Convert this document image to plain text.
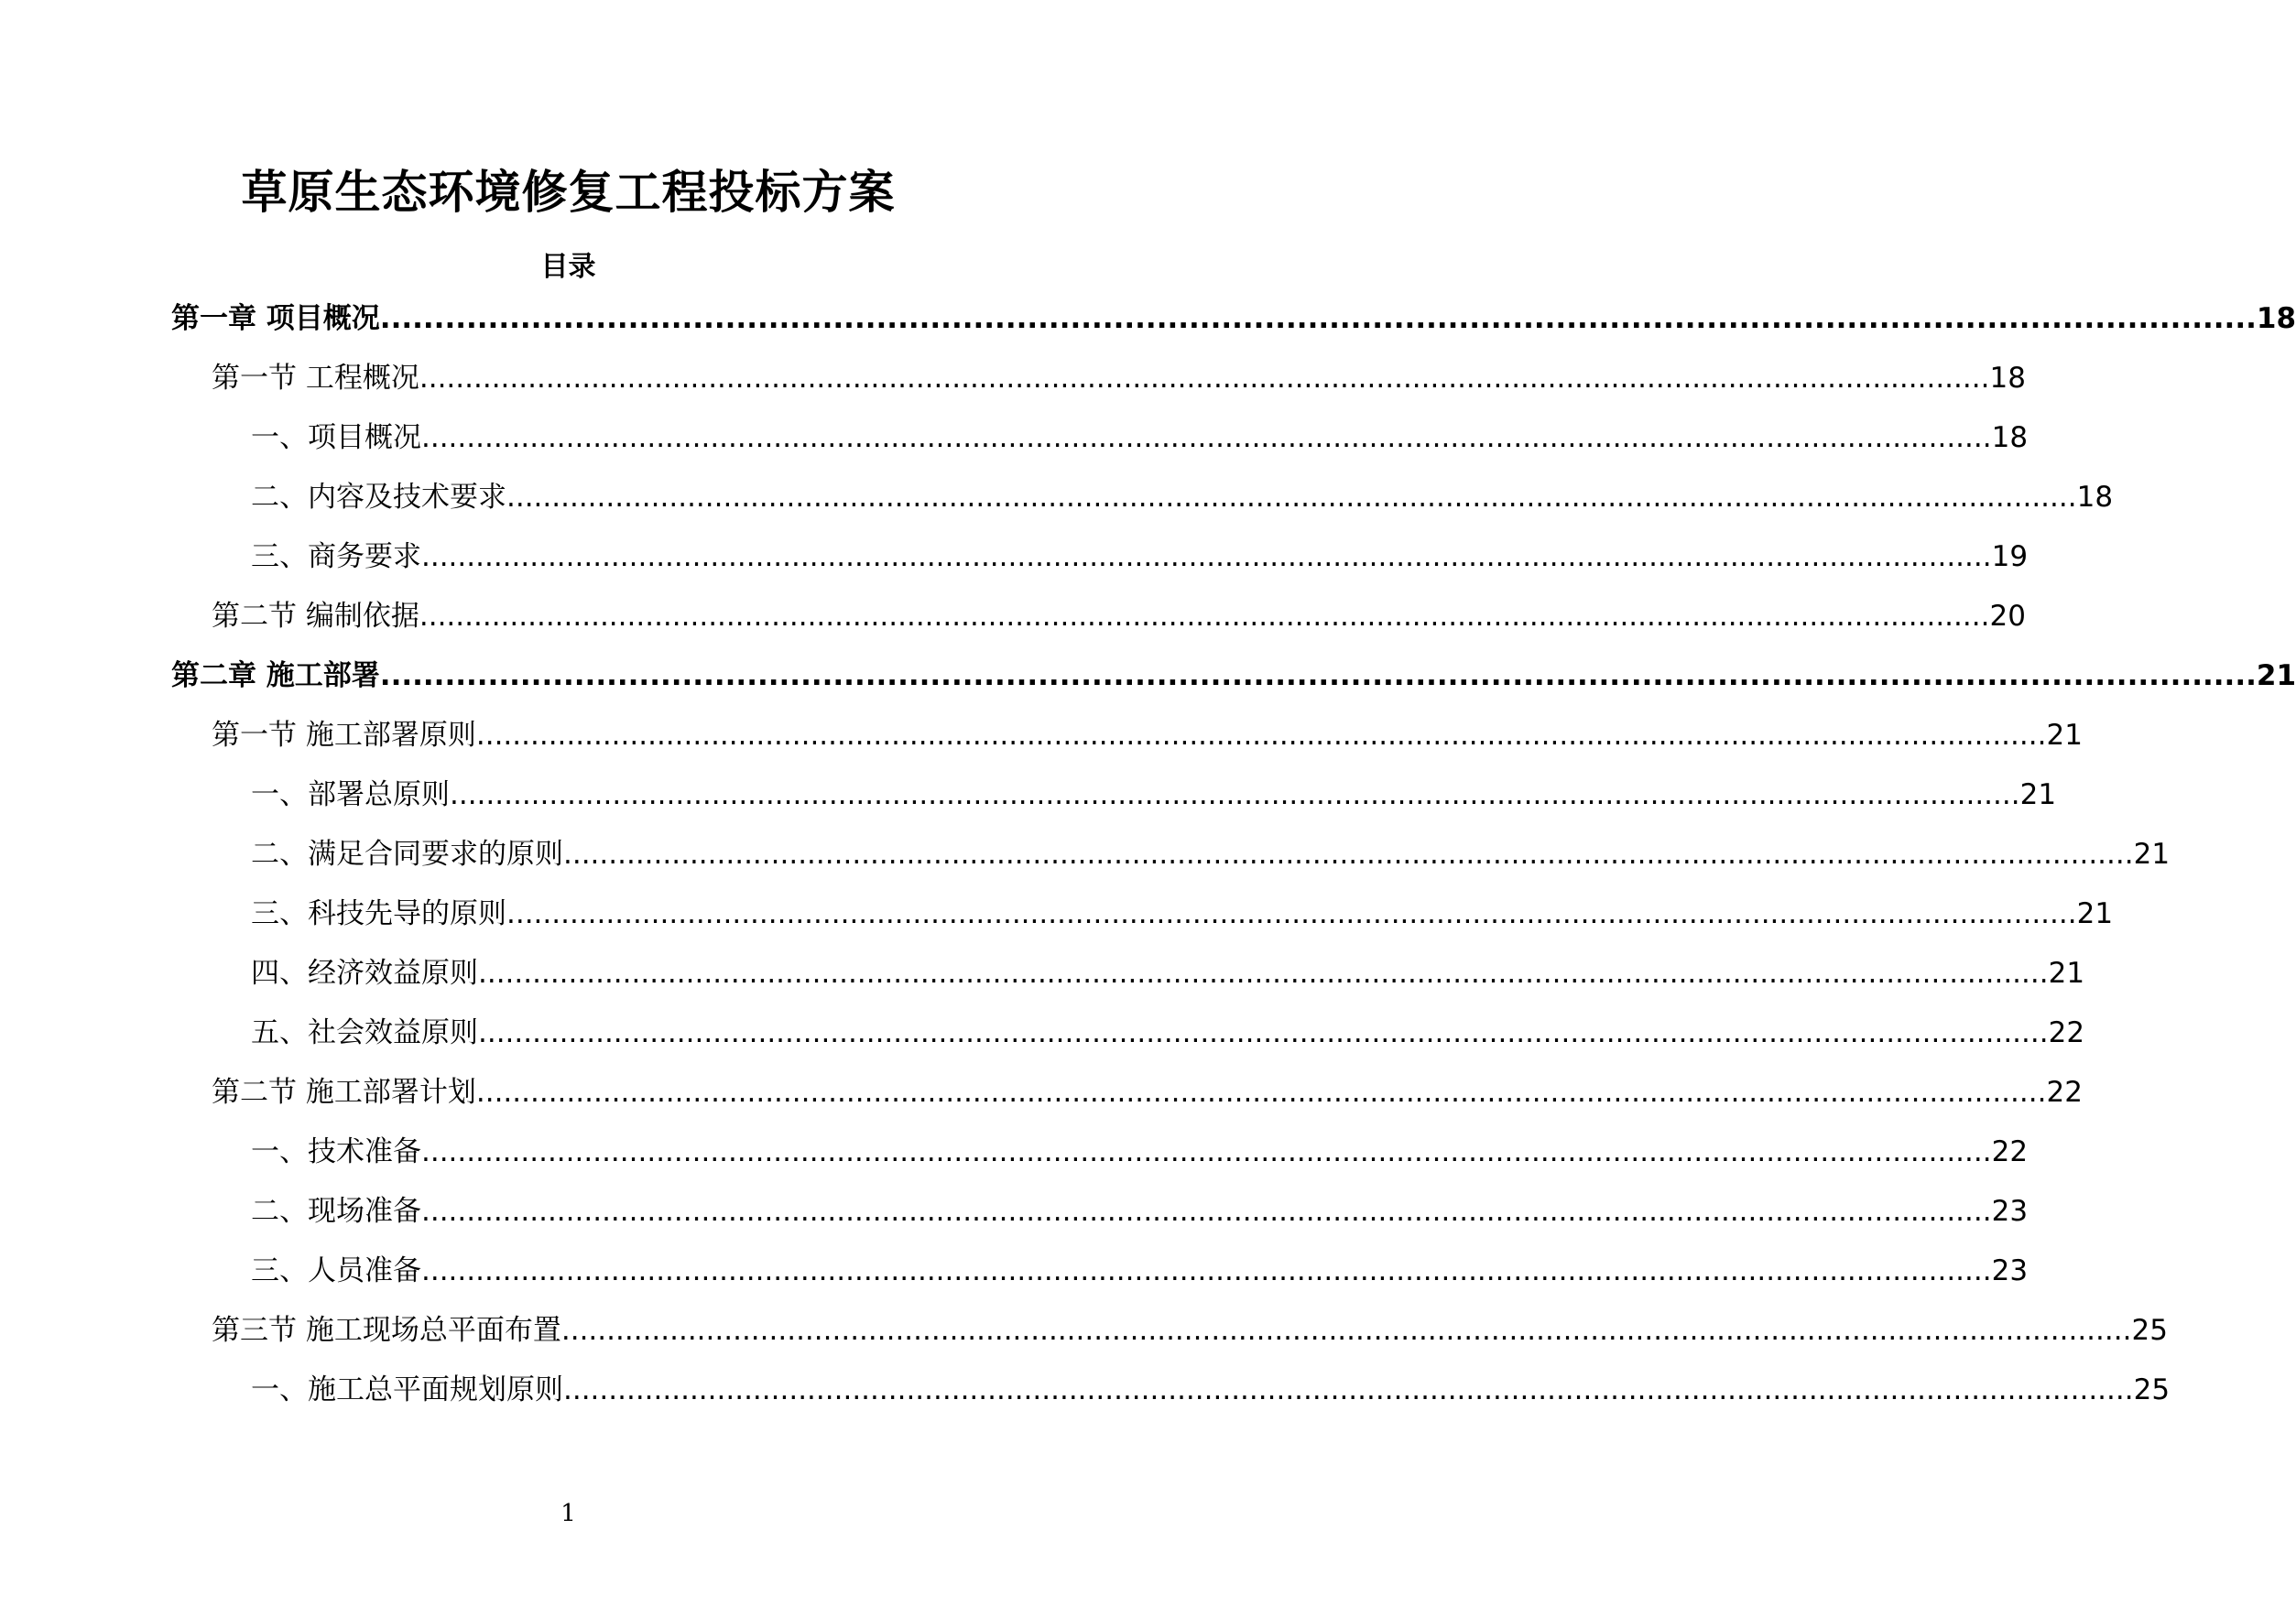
草原生态环境修复工程投标方案
目录
第一章 项目概况 .....	18
第一节 工程概况 .....	18
一、项目概况 .....	18
二、内容及技术要求 .....	18
三、商务要求 .....	19
第二节 编制依据 .....	20
第二章 施工部署 .....	21
第一节 施工部署原则 .....	21
一、部署总原则 .....	21
二、满足合同要求的原则 .....	21
三、科技先导的原则 .....	21
四、经济效益原则 .....	21
五、社会效益原则 .....	22
第二节 施工部署计划 .....	22
一、技术准备 .....	22
二、现场准备 .....	23
三、人员准备 .....	23
第三节 施工现场总平面布置 .....	25
一、施工总平面规划原则 .....	25
1
